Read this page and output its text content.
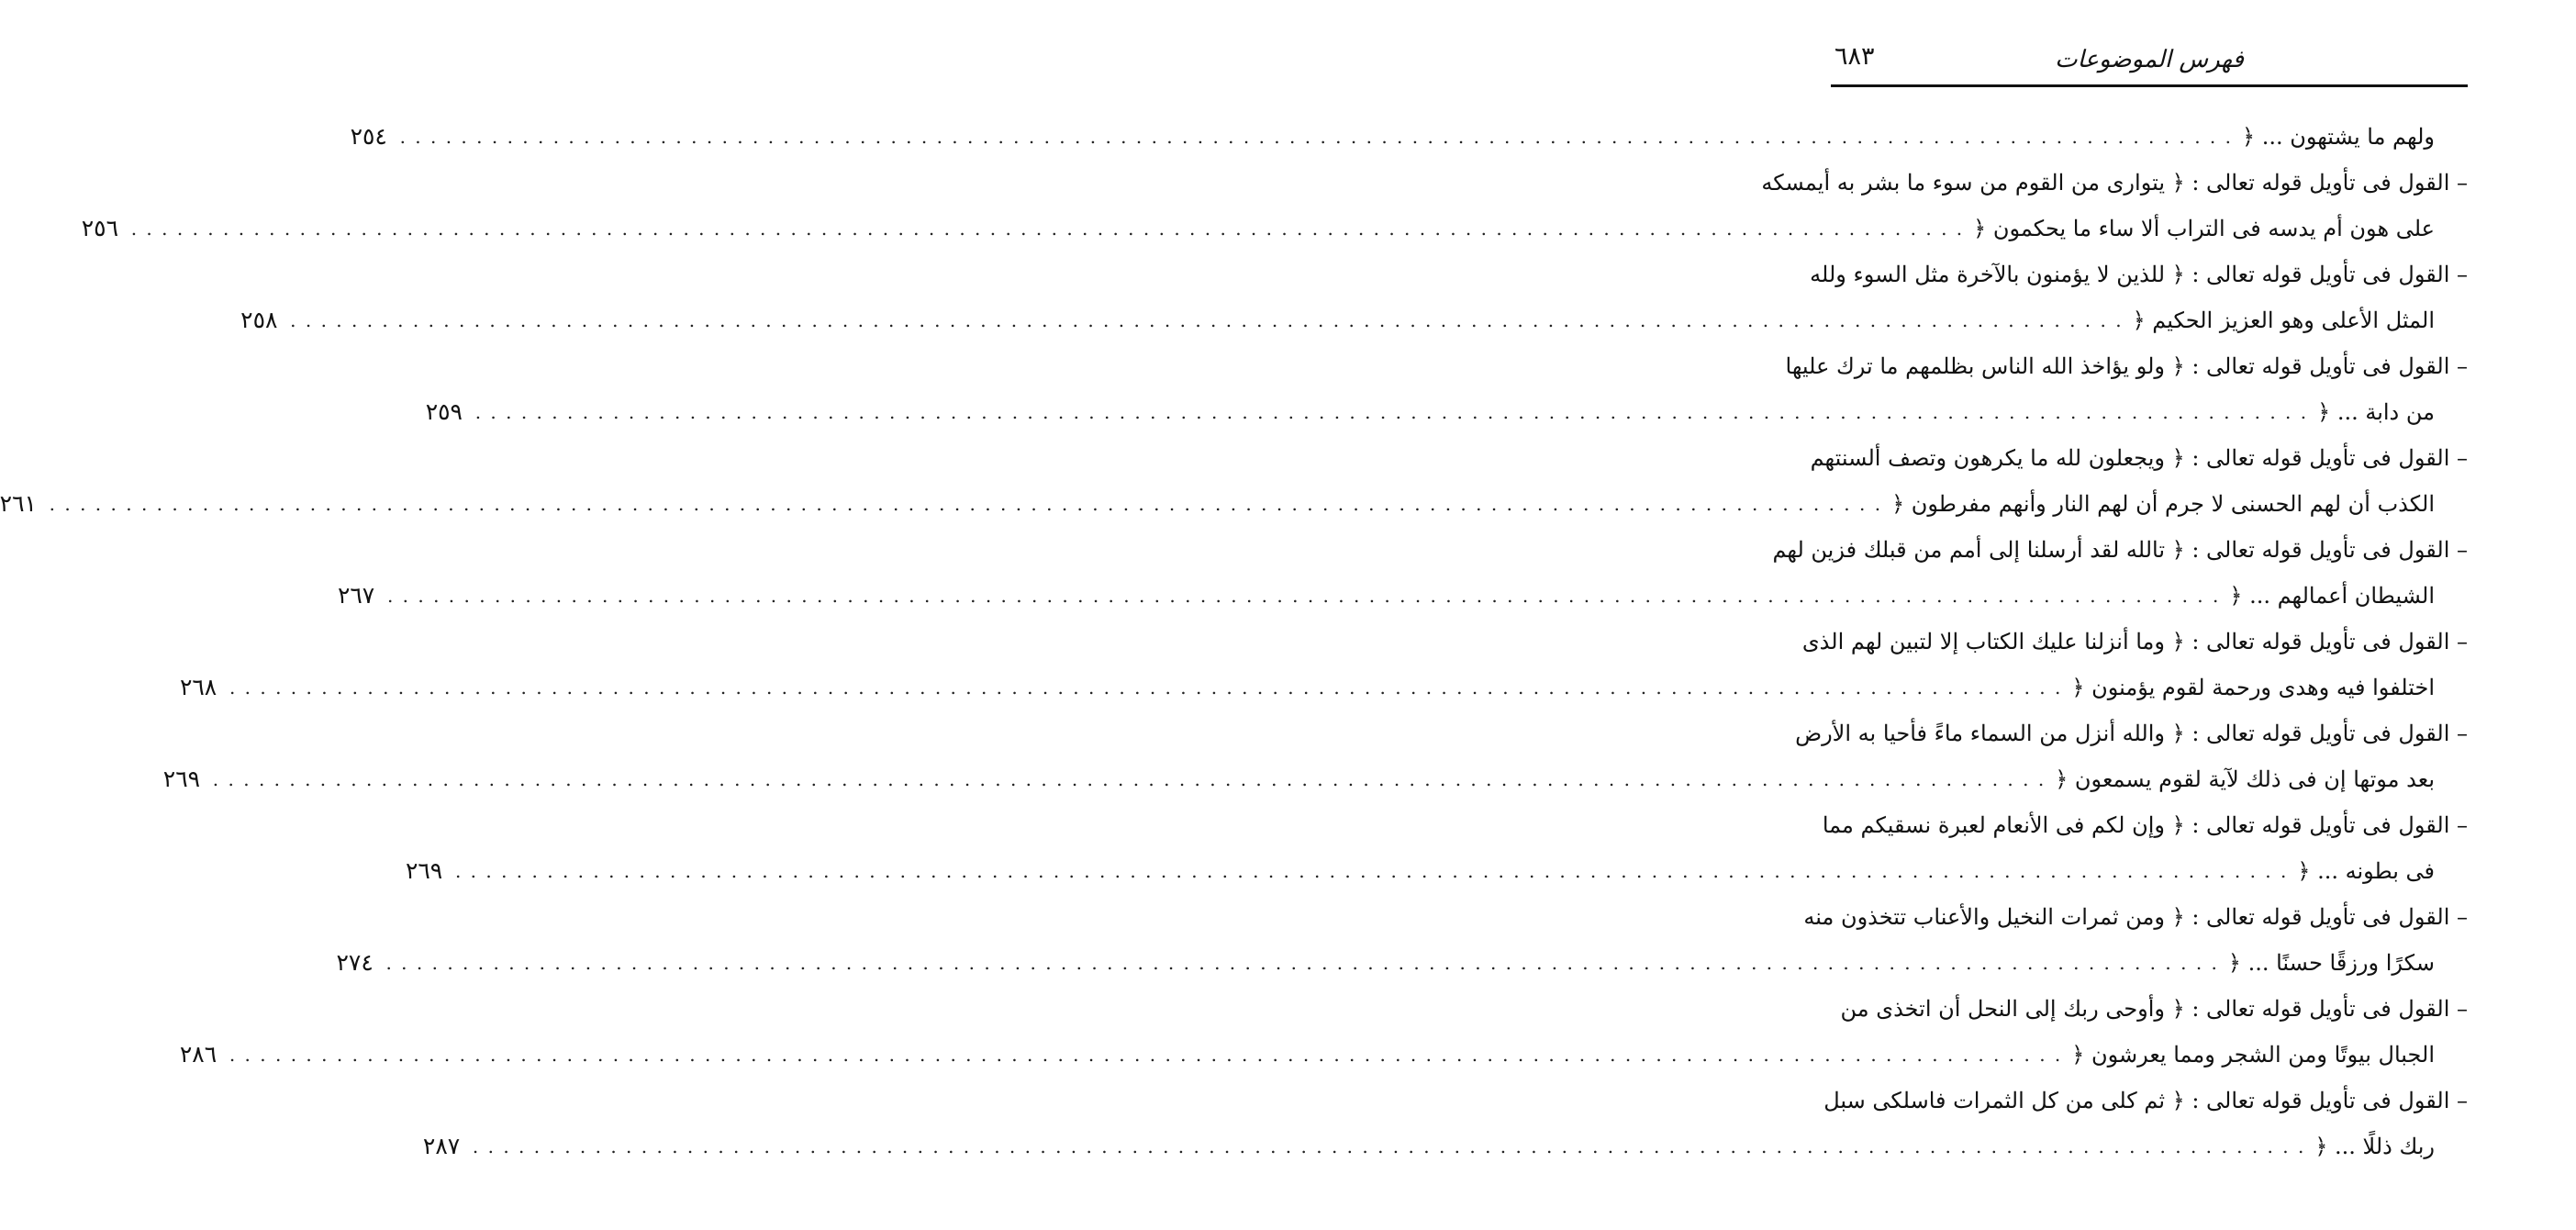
فهرس الموضوعات
٦٨٣
ولهم ما يشتهون ... ﴿
. . . . . . . . . . . . . . . . . . . . . . . . . . . . . . . . . . . . . . . . . . . . . . . . . . . . . . . . . . . . . . . . . . . . . . . . . . . . . . . . . . . . . . . . . . . . . . . . . . . . . . . . . . . . . . . . . . . . . . . .
٢٥٤
– القول فى تأويل قوله تعالى : ﴿ يتوارى من القوم من سوء ما بشر به أيمسكه
على هون أم يدسه فى التراب ألا ساء ما يحكمون ﴿
. . . . . . . . . . . . . . . . . . . . . . . . . . . . . . . . . . . . . . . . . . . . . . . . . . . . . . . . . . . . . . . . . . . . . . . . . . . . . . . . . . . . . . . . . . . . . . . . . . . . . . . . . . . . . . . . . . . . . . . .
٢٥٦
– القول فى تأويل قوله تعالى : ﴿ للذين لا يؤمنون بالآخرة مثل السوء ولله
المثل الأعلى وهو العزيز الحكيم ﴿
. . . . . . . . . . . . . . . . . . . . . . . . . . . . . . . . . . . . . . . . . . . . . . . . . . . . . . . . . . . . . . . . . . . . . . . . . . . . . . . . . . . . . . . . . . . . . . . . . . . . . . . . . . . . . . . . . . . . . . . .
٢٥٨
– القول فى تأويل قوله تعالى : ﴿ ولو يؤاخذ الله الناس بظلمهم ما ترك عليها
من دابة ... ﴿
. . . . . . . . . . . . . . . . . . . . . . . . . . . . . . . . . . . . . . . . . . . . . . . . . . . . . . . . . . . . . . . . . . . . . . . . . . . . . . . . . . . . . . . . . . . . . . . . . . . . . . . . . . . . . . . . . . . . . . . .
٢٥٩
– القول فى تأويل قوله تعالى : ﴿ ويجعلون لله ما يكرهون وتصف ألسنتهم
الكذب أن لهم الحسنى لا جرم أن لهم النار وأنهم مفرطون ﴿
. . . . . . . . . . . . . . . . . . . . . . . . . . . . . . . . . . . . . . . . . . . . . . . . . . . . . . . . . . . . . . . . . . . . . . . . . . . . . . . . . . . . . . . . . . . . . . . . . . . . . . . . . . . . . . . . . . . . . . . .
٢٦١
– القول فى تأويل قوله تعالى : ﴿ تالله لقد أرسلنا إلى أمم من قبلك فزين لهم
الشيطان أعمالهم ... ﴿
. . . . . . . . . . . . . . . . . . . . . . . . . . . . . . . . . . . . . . . . . . . . . . . . . . . . . . . . . . . . . . . . . . . . . . . . . . . . . . . . . . . . . . . . . . . . . . . . . . . . . . . . . . . . . . . . . . . . . . . .
٢٦٧
– القول فى تأويل قوله تعالى : ﴿ وما أنزلنا عليك الكتاب إلا لتبين لهم الذى
اختلفوا فيه وهدى ورحمة لقوم يؤمنون ﴿
. . . . . . . . . . . . . . . . . . . . . . . . . . . . . . . . . . . . . . . . . . . . . . . . . . . . . . . . . . . . . . . . . . . . . . . . . . . . . . . . . . . . . . . . . . . . . . . . . . . . . . . . . . . . . . . . . . . . . . . .
٢٦٨
– القول فى تأويل قوله تعالى : ﴿ والله أنزل من السماء ماءً فأحيا به الأرض
بعد موتها إن فى ذلك لآية لقوم يسمعون ﴿
. . . . . . . . . . . . . . . . . . . . . . . . . . . . . . . . . . . . . . . . . . . . . . . . . . . . . . . . . . . . . . . . . . . . . . . . . . . . . . . . . . . . . . . . . . . . . . . . . . . . . . . . . . . . . . . . . . . . . . . .
٢٦٩
– القول فى تأويل قوله تعالى : ﴿ وإن لكم فى الأنعام لعبرة نسقيكم مما
فى بطونه ... ﴿
. . . . . . . . . . . . . . . . . . . . . . . . . . . . . . . . . . . . . . . . . . . . . . . . . . . . . . . . . . . . . . . . . . . . . . . . . . . . . . . . . . . . . . . . . . . . . . . . . . . . . . . . . . . . . . . . . . . . . . . .
٢٦٩
– القول فى تأويل قوله تعالى : ﴿ ومن ثمرات النخيل والأعناب تتخذون منه
سكرًا ورزقًا حسنًا ... ﴿
. . . . . . . . . . . . . . . . . . . . . . . . . . . . . . . . . . . . . . . . . . . . . . . . . . . . . . . . . . . . . . . . . . . . . . . . . . . . . . . . . . . . . . . . . . . . . . . . . . . . . . . . . . . . . . . . . . . . . . . .
٢٧٤
– القول فى تأويل قوله تعالى : ﴿ وأوحى ربك إلى النحل أن اتخذى من
الجبال بيوتًا ومن الشجر ومما يعرشون ﴿
. . . . . . . . . . . . . . . . . . . . . . . . . . . . . . . . . . . . . . . . . . . . . . . . . . . . . . . . . . . . . . . . . . . . . . . . . . . . . . . . . . . . . . . . . . . . . . . . . . . . . . . . . . . . . . . . . . . . . . . .
٢٨٦
– القول فى تأويل قوله تعالى : ﴿ ثم كلى من كل الثمرات فاسلكى سبل
ربك ذللًا ... ﴿
. . . . . . . . . . . . . . . . . . . . . . . . . . . . . . . . . . . . . . . . . . . . . . . . . . . . . . . . . . . . . . . . . . . . . . . . . . . . . . . . . . . . . . . . . . . . . . . . . . . . . . . . . . . . . . . . . . . . . . . .
٢٨٧
